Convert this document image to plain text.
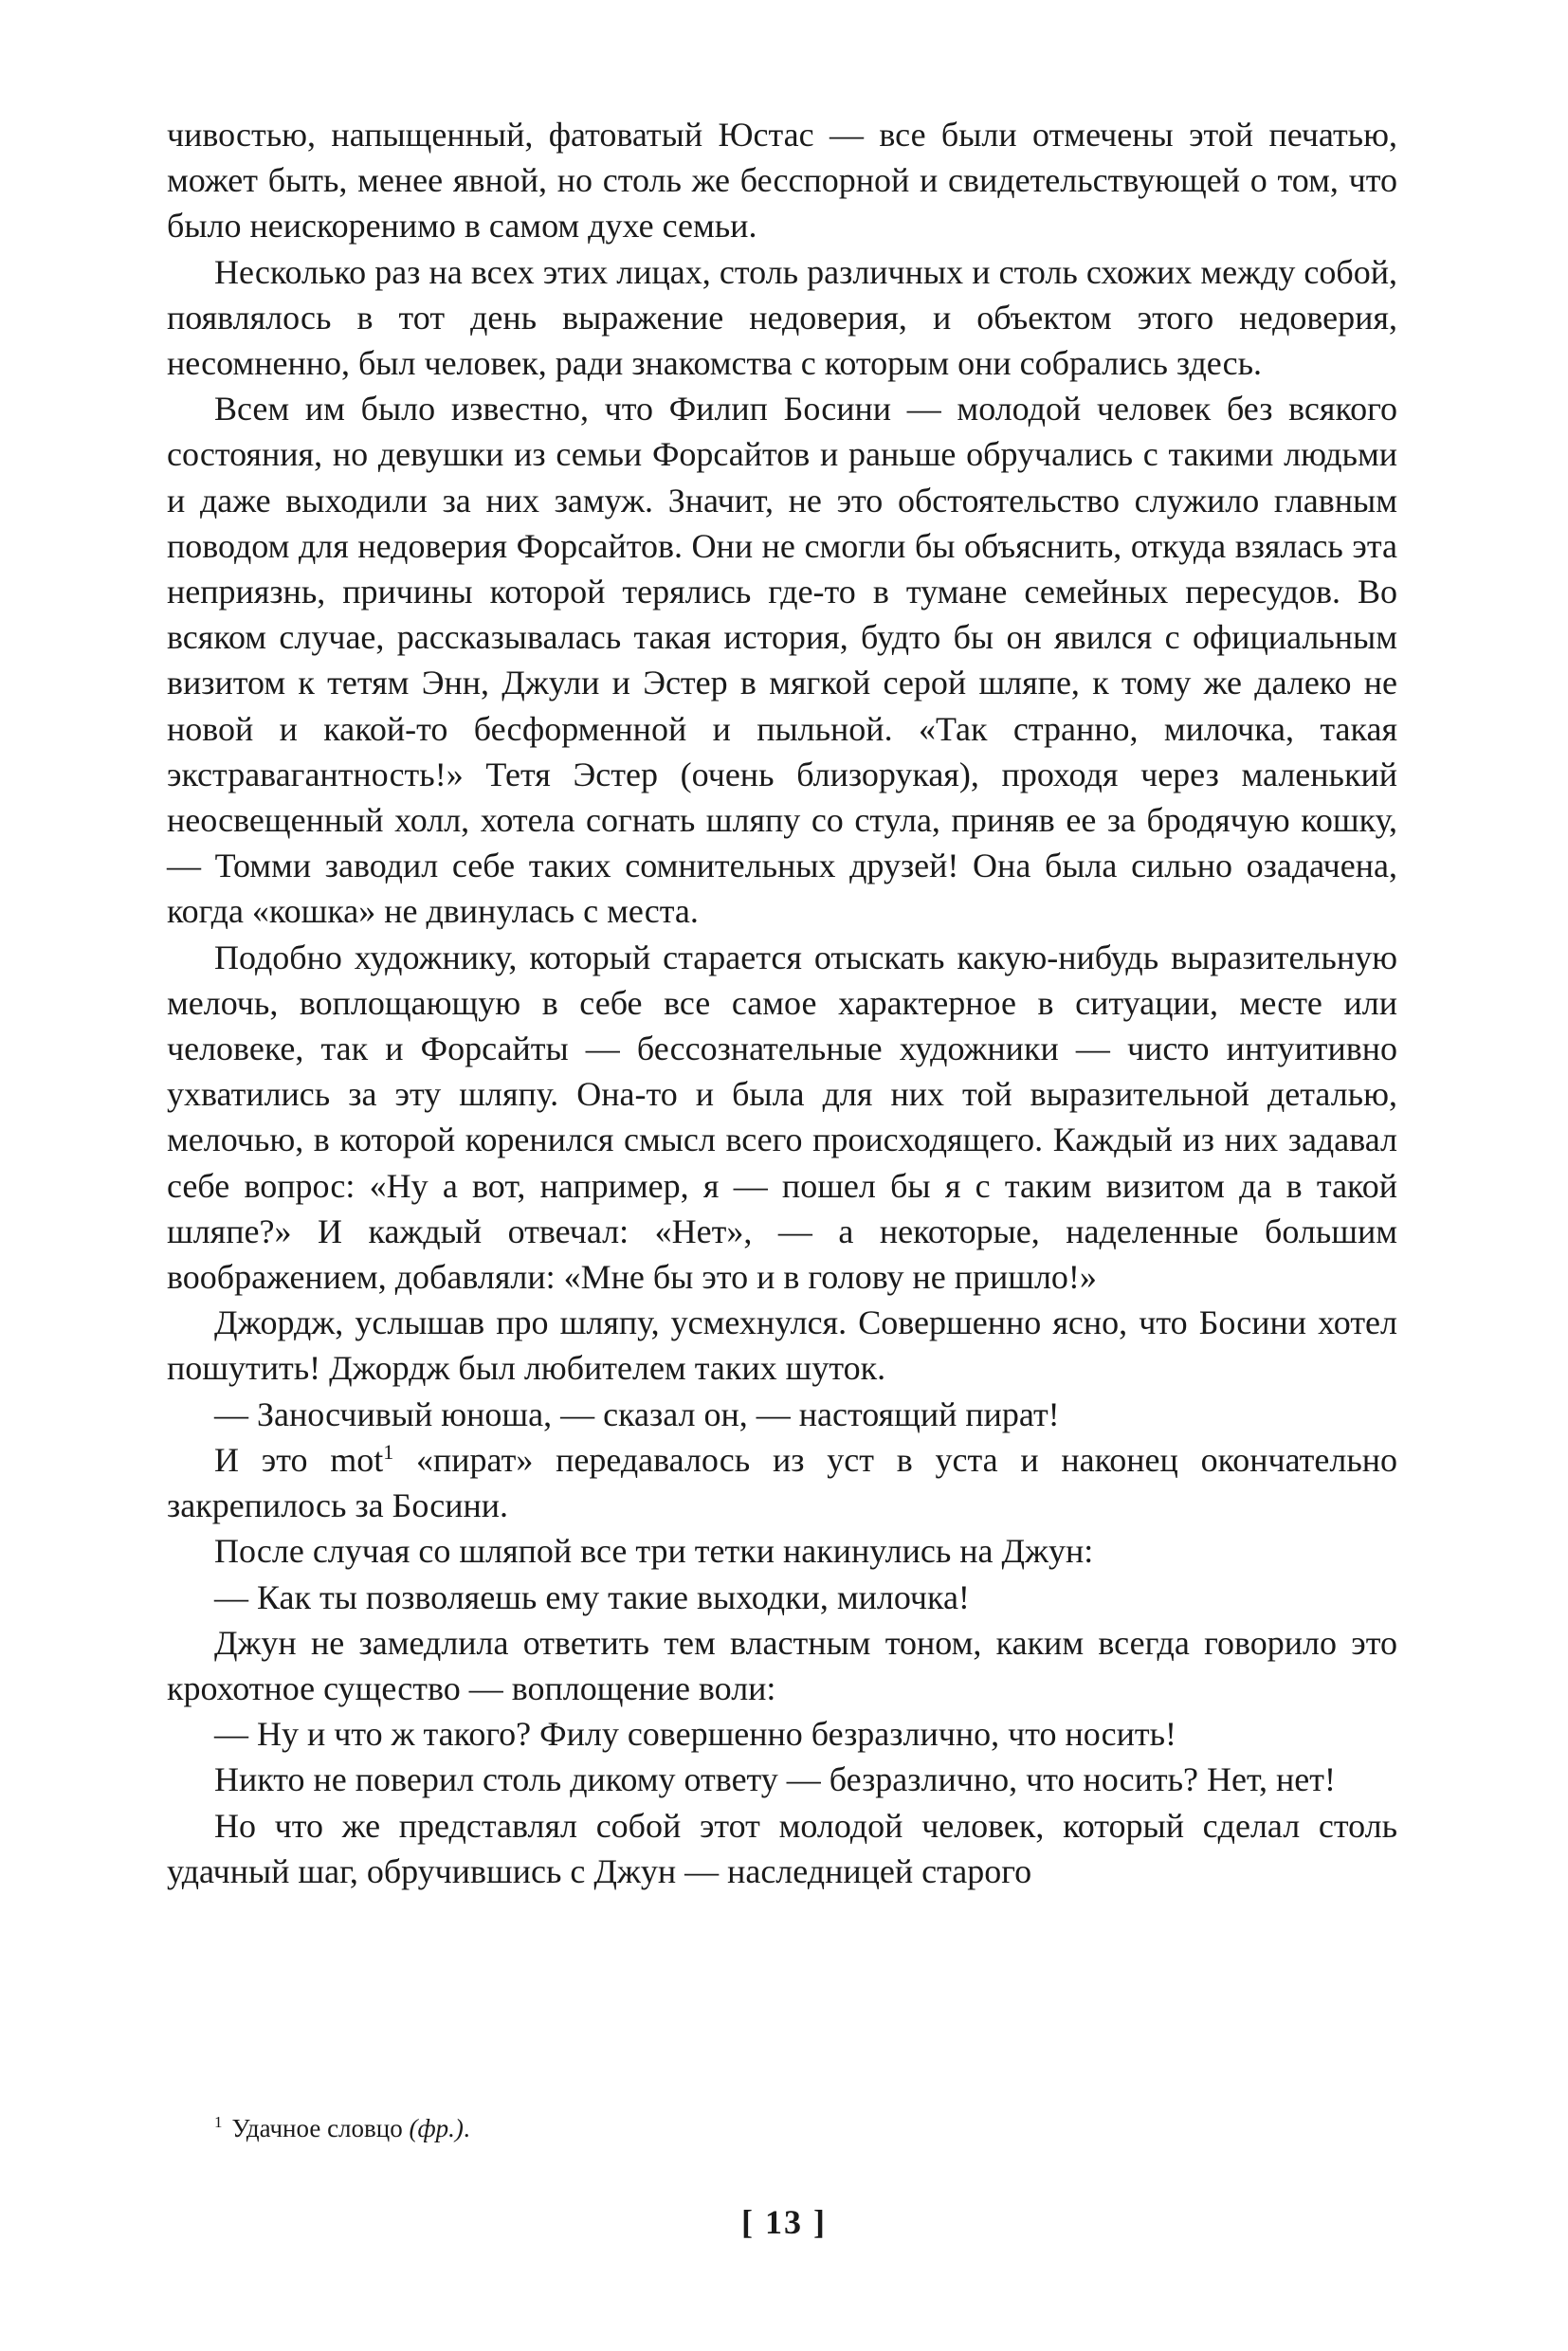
чивостью, напыщенный, фатоватый Юстас — все были отмечены этой печатью, может быть, менее явной, но столь же бесспорной и свидетельствующей о том, что было неискоренимо в самом духе семьи.

Несколько раз на всех этих лицах, столь различных и столь схожих между собой, появлялось в тот день выражение недоверия, и объектом этого недоверия, несомненно, был человек, ради знакомства с которым они собрались здесь.

Всем им было известно, что Филип Босини — молодой человек без всякого состояния, но девушки из семьи Форсайтов и раньше обручались с такими людьми и даже выходили за них замуж. Значит, не это обстоятельство служило главным поводом для недоверия Форсайтов. Они не смогли бы объяснить, откуда взялась эта неприязнь, причины которой терялись где-то в тумане семейных пересудов. Во всяком случае, рассказывалась такая история, будто бы он явился с официальным визитом к тетям Энн, Джули и Эстер в мягкой серой шляпе, к тому же далеко не новой и какой-то бесформенной и пыльной. «Так странно, милочка, такая экстравагантность!» Тетя Эстер (очень близорукая), проходя через маленький неосвещенный холл, хотела согнать шляпу со стула, приняв ее за бродячую кошку, — Томми заводил себе таких сомнительных друзей! Она была сильно озадачена, когда «кошка» не двинулась с места.

Подобно художнику, который старается отыскать какую-нибудь выразительную мелочь, воплощающую в себе все самое характерное в ситуации, месте или человеке, так и Форсайты — бессознательные художники — чисто интуитивно ухватились за эту шляпу. Она-то и была для них той выразительной деталью, мелочью, в которой коренился смысл всего происходящего. Каждый из них задавал себе вопрос: «Ну а вот, например, я — пошел бы я с таким визитом да в такой шляпе?» И каждый отвечал: «Нет», — а некоторые, наделенные большим воображением, добавляли: «Мне бы это и в голову не пришло!»

Джордж, услышав про шляпу, усмехнулся. Совершенно ясно, что Босини хотел пошутить! Джордж был любителем таких шуток.

— Заносчивый юноша, — сказал он, — настоящий пират!

И это mot$^1$ «пират» передавалось из уст в уста и наконец окончательно закрепилось за Босини.

После случая со шляпой все три тетки накинулись на Джун:

— Как ты позволяешь ему такие выходки, милочка!

Джун не замедлила ответить тем властным тоном, каким всегда говорило это крохотное существо — воплощение воли:

— Ну и что ж такого? Филу совершенно безразлично, что носить!

Никто не поверил столь дикому ответу — безразлично, что носить? Нет, нет!

Но что же представлял собой этот молодой человек, который сделал столь удачный шаг, обручившись с Джун — наследницей старого

$^1$ Удачное словцо (фр.).
[ 13 ]
